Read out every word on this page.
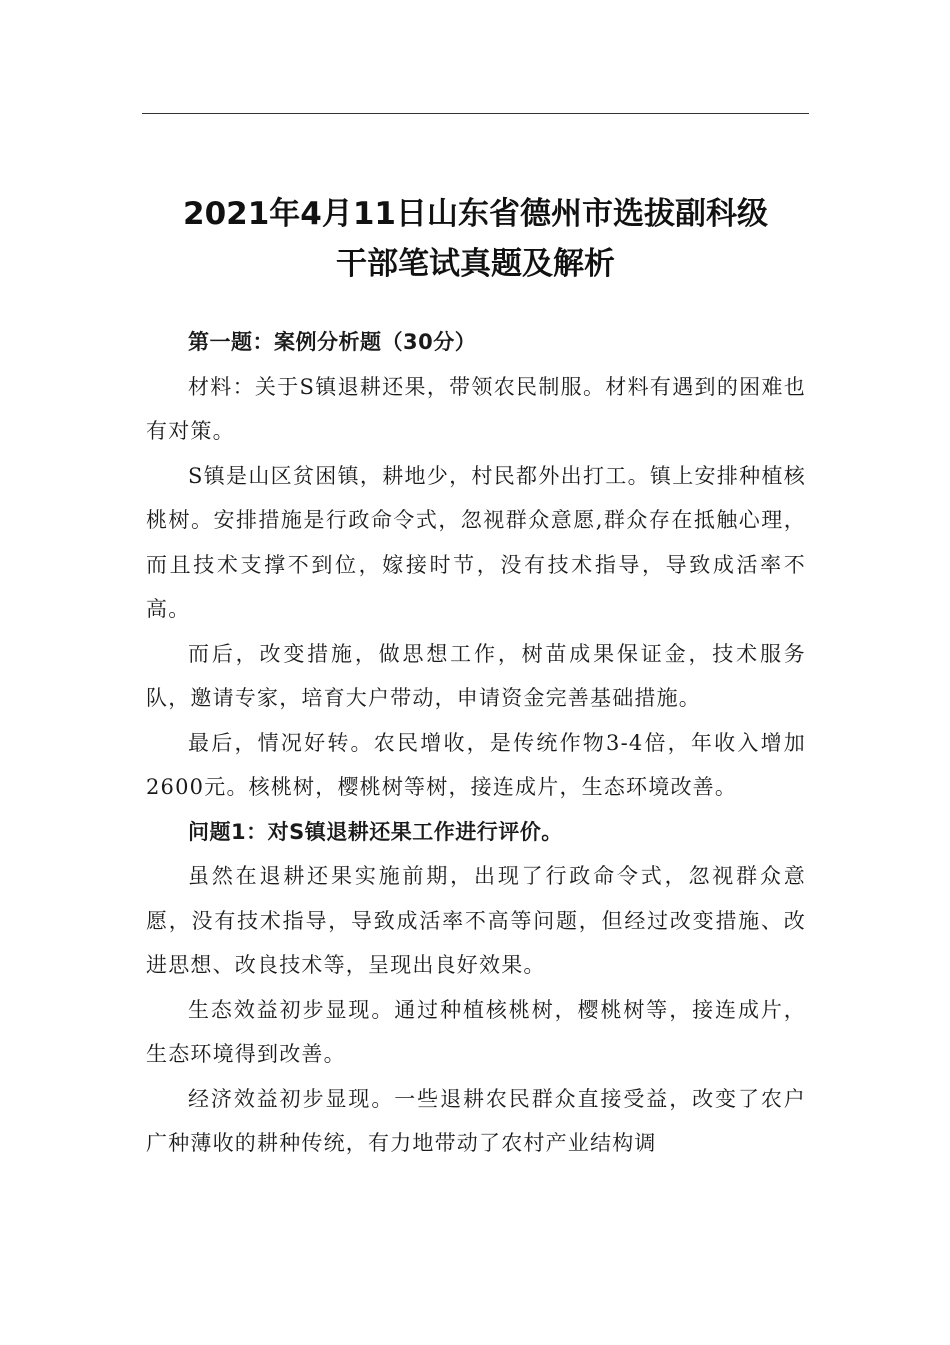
2021年4月11日山东省德州市选拔副科级
干部笔试真题及解析

第一题：案例分析题（30分）

材料：关于S镇退耕还果，带领农民制服。材料有遇到的困难也有对策。

S镇是山区贫困镇，耕地少，村民都外出打工。镇上安排种植核桃树。安排措施是行政命令式，忽视群众意愿,群众存在抵触心理，而且技术支撑不到位，嫁接时节，没有技术指导，导致成活率不高。

而后，改变措施，做思想工作，树苗成果保证金，技术服务队，邀请专家，培育大户带动，申请资金完善基础措施。

最后，情况好转。农民增收，是传统作物3-4倍，年收入增加2600元。核桃树，樱桃树等树，接连成片，生态环境改善。

问题1：对S镇退耕还果工作进行评价。

虽然在退耕还果实施前期，出现了行政命令式，忽视群众意愿，没有技术指导，导致成活率不高等问题，但经过改变措施、改进思想、改良技术等，呈现出良好效果。

生态效益初步显现。通过种植核桃树，樱桃树等，接连成片，生态环境得到改善。

经济效益初步显现。一些退耕农民群众直接受益，改变了农户广种薄收的耕种传统，有力地带动了农村产业结构调
